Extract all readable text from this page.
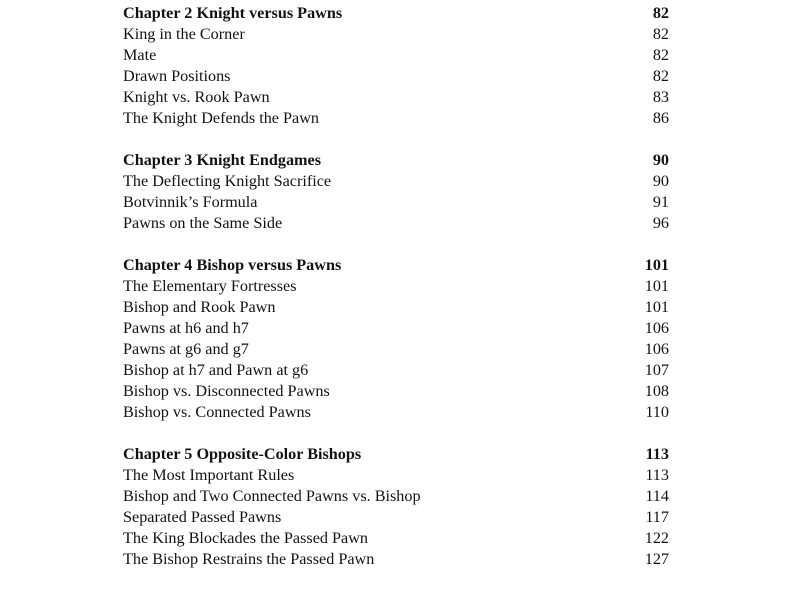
Chapter 2 Knight versus Pawns	82
King in the Corner	82
Mate	82
Drawn Positions	82
Knight vs. Rook Pawn	83
The Knight Defends the Pawn	86
Chapter 3 Knight Endgames	90
The Deflecting Knight Sacrifice	90
Botvinnik’s Formula	91
Pawns on the Same Side	96
Chapter 4 Bishop versus Pawns	101
The Elementary Fortresses	101
Bishop and Rook Pawn	101
Pawns at h6 and h7	106
Pawns at g6 and g7	106
Bishop at h7 and Pawn at g6	107
Bishop vs. Disconnected Pawns	108
Bishop vs. Connected Pawns	110
Chapter 5 Opposite-Color Bishops	113
The Most Important Rules	113
Bishop and Two Connected Pawns vs. Bishop	114
Separated Passed Pawns	117
The King Blockades the Passed Pawn	122
The Bishop Restrains the Passed Pawn	127
